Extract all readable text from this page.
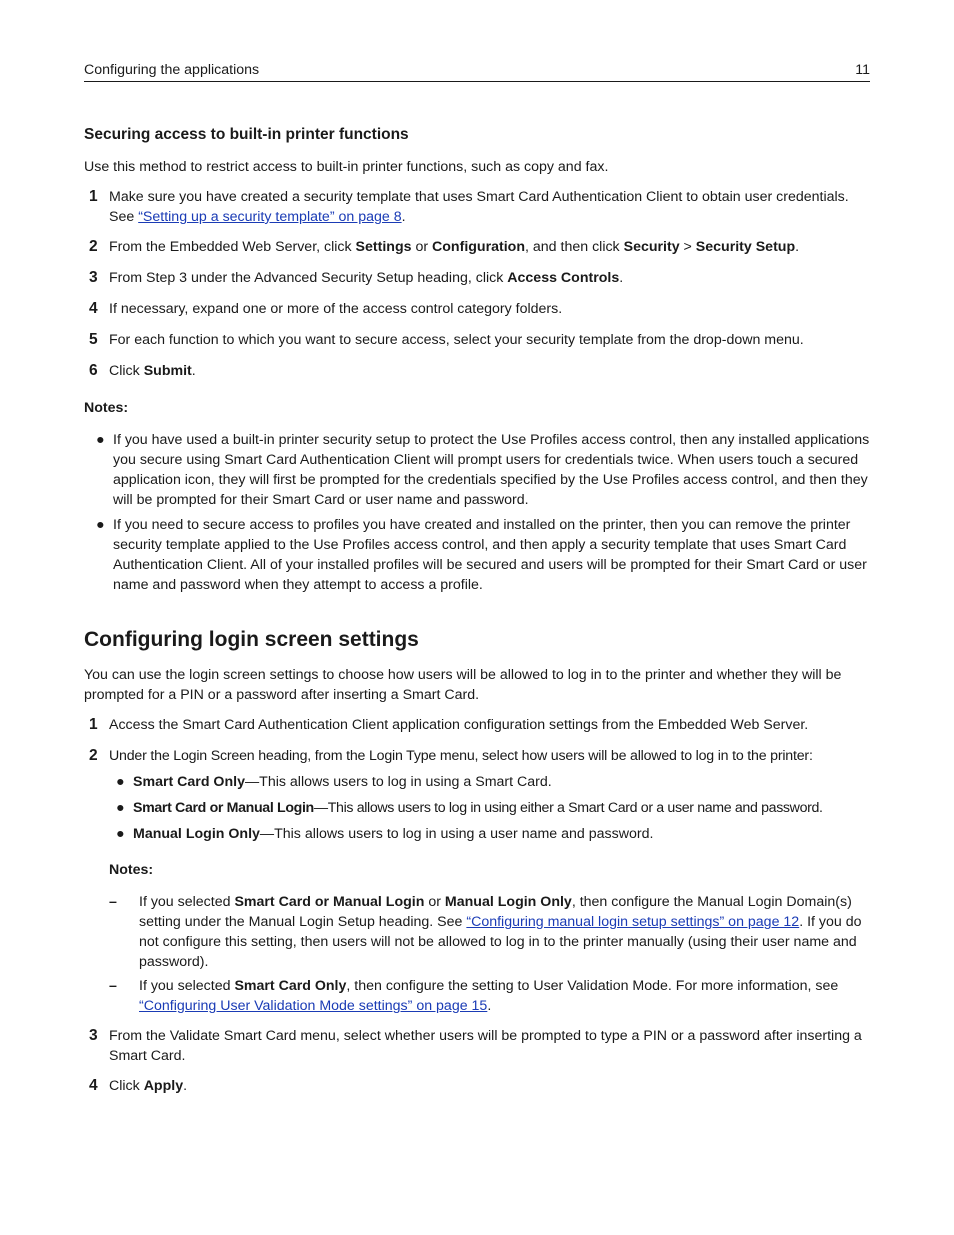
Configuring the applications	11
Securing access to built-in printer functions

Use this method to restrict access to built-in printer functions, such as copy and fax.

1 Make sure you have created a security template that uses Smart Card Authentication Client to obtain user credentials. See “Setting up a security template” on page 8.
2 From the Embedded Web Server, click Settings or Configuration, and then click Security > Security Setup.
3 From Step 3 under the Advanced Security Setup heading, click Access Controls.
4 If necessary, expand one or more of the access control category folders.
5 For each function to which you want to secure access, select your security template from the drop-down menu.
6 Click Submit.

Notes:

● If you have used a built-in printer security setup to protect the Use Profiles access control, then any installed applications you secure using Smart Card Authentication Client will prompt users for credentials twice. When users touch a secured application icon, they will first be prompted for the credentials specified by the Use Profiles access control, and then they will be prompted for their Smart Card or user name and password.
● If you need to secure access to profiles you have created and installed on the printer, then you can remove the printer security template applied to the Use Profiles access control, and then apply a security template that uses Smart Card Authentication Client. All of your installed profiles will be secured and users will be prompted for their Smart Card or user name and password when they attempt to access a profile.
Configuring login screen settings

You can use the login screen settings to choose how users will be allowed to log in to the printer and whether they will be prompted for a PIN or a password after inserting a Smart Card.

1 Access the Smart Card Authentication Client application configuration settings from the Embedded Web Server.
2 Under the Login Screen heading, from the Login Type menu, select how users will be allowed to log in to the printer:
● Smart Card Only—This allows users to log in using a Smart Card.
● Smart Card or Manual Login—This allows users to log in using either a Smart Card or a user name and password.
● Manual Login Only—This allows users to log in using a user name and password.

Notes:

– If you selected Smart Card or Manual Login or Manual Login Only, then configure the Manual Login Domain(s) setting under the Manual Login Setup heading. See “Configuring manual login setup settings” on page 12. If you do not configure this setting, then users will not be allowed to log in to the printer manually (using their user name and password).
– If you selected Smart Card Only, then configure the setting to User Validation Mode. For more information, see “Configuring User Validation Mode settings” on page 15.
3 From the Validate Smart Card menu, select whether users will be prompted to type a PIN or a password after inserting a Smart Card.
4 Click Apply.
